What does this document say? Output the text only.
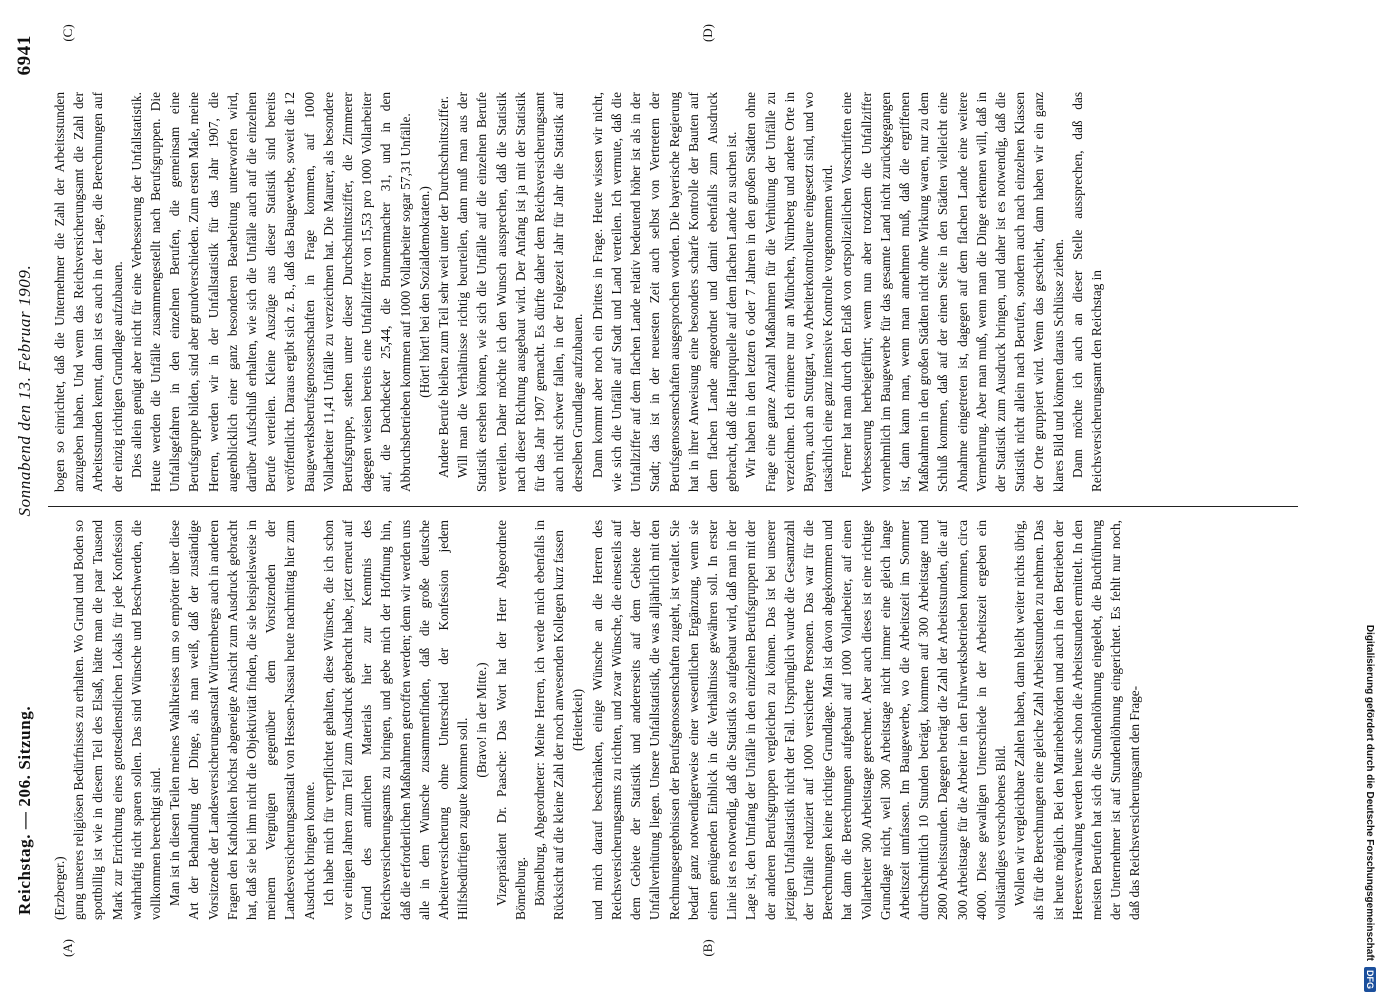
Reichstag. — 206. Sitzung.
Sonnabend den 13. Februar 1909.
6941
(A)	(B)
(C)	(D)

(Erzberger.) gung unseres religiösen Bedürfnisses zu erhalten. Wo Grund und Boden so spottbillig ist wie in diesem Teil des Elsaß, hätte man die paar Tausend Mark zur Errichtung eines gottesdienstlichen Lokals für jede Konfession wahrhaftig nicht sparen sollen. Das sind Wünsche und Beschwerden, die vollkommen berechtigt sind. Man ist in diesen Teilen meines Wahlkreises um so empörter über diese Art der Behandlung der Dinge, als man weiß, daß der zuständige Vorsitzende der Landesversicherungsanstalt Württembergs auch in anderen Fragen den Katholiken höchst abgeneigte Ansicht zum Ausdruck gebracht hat, daß sie bei ihm nicht die Objektivität finden, die sie beispielsweise in meinem Vergnügen gegenüber dem Vorsitzenden der Landesversicherungsanstalt von Hessen-Nassau heute nachmittag hier zum Ausdruck bringen konnte. Ich habe mich für verpflichtet gehalten, diese Wünsche, die ich schon vor einigen Jahren zum Teil zum Ausdruck gebracht habe, jetzt erneut auf Grund des amtlichen Materials hier zur Kenntnis des Reichsversicherungsamts zu bringen, und gebe mich der Hoffnung hin, daß die erforderlichen Maßnahmen getroffen werden; denn wir werden uns alle in dem Wunsche zusammenfinden, daß die große deutsche Arbeiterversicherung ohne Unterschied der Konfession jedem Hilfsbedürftigen zugute kommen soll. (Bravo! in der Mitte.) Vizepräsident Dr. Paasche: Das Wort hat der Herr Abgeordnete Bömelburg. Bömelburg, Abgeordneter: Meine Herren, ich werde mich ebenfalls in Rücksicht auf die kleine Zahl der noch anwesenden Kollegen kurz fassen (Heiterkeit) und mich darauf beschränken, einige Wünsche an die Herren des Reichsversicherungsamts zu richten, und zwar Wünsche, die einesteils auf dem Gebiete der Statistik und andererseits auf dem Gebiete der Unfallverhütung liegen. Unsere Unfallstatistik, die was alljährlich mit den Rechnungsergebnissen der Berufsgenossenschaften zugeht, ist veraltet. Sie bedarf ganz notwendigerweise einer wesentlichen Ergänzung, wenn sie einen genügenden Einblick in die Verhältnisse gewähren soll. In erster Linie ist es notwendig, daß die Statistik so aufgebaut wird, daß man in der Lage ist, den Umfang der Unfälle in den einzelnen Berufsgruppen mit der der anderen Berufsgruppen vergleichen zu können. Das ist bei unserer jetzigen Unfallstatistik nicht der Fall. Ursprünglich wurde die Gesamtzahl der Unfälle reduziert auf 1000 versicherte Personen. Das war für die Berechnungen keine richtige Grundlage. Man ist davon abgekommen und hat dann die Berechnungen aufgebaut auf 1000 Vollarbeiter, auf einen Vollarbeiter 300 Arbeitstage gerechnet. Aber auch dieses ist eine richtige Grundlage nicht, weil 300 Arbeitstage nicht immer eine gleich lange Arbeitszeit umfassen. Im Baugewerbe, wo die Arbeitszeit im Sommer durchschnittlich 10 Stunden beträgt, kommen auf 300 Arbeitstage rund 2800 Arbeitsstunden. Dagegen beträgt die Zahl der Arbeitsstunden, die auf 300 Arbeitstage für die Arbeiter in den Fuhrwerksbetrieben kommen, circa 4000. Diese gewaltigen Unterschiede in der Arbeitszeit ergeben ein vollständiges verschobenes Bild. Wollen wir vergleichbare Zahlen haben, dann bleibt weiter nichts übrig, als für die Berechnungen eine gleiche Zahl Arbeitsstunden zu nehmen. Das ist heute möglich. Bei den Marinebehörden und auch in den Betrieben der Heeresverwaltung werden heute schon die Arbeitsstunden ermittelt. In den meisten Berufen hat sich die Stundenlöhnung eingelebt, die Buchführung der Unternehmer ist auf Stundenlöhnung eingerichtet. Es fehlt nur noch, daß das Reichsversicherungsamt den Frage-

bogen so einrichtet, daß die Unternehmer die Zahl der Arbeitsstunden anzugeben haben. Und wenn das Reichsversicherungsamt die Zahl der Arbeitsstunden kennt, dann ist es auch in der Lage, die Berechnungen auf der einzig richtigen Grundlage aufzubauen. Dies allein genügt aber nicht für eine Verbesserung der Unfallstatistik. Heute werden die Unfälle zusammengestellt nach Berufsgruppen. Die Unfallsgefahren in den einzelnen Berufen, die gemeinsam eine Berufsgruppe bilden, sind aber grundverschieden. Zum ersten Male, meine Herren, werden wir in der Unfallstatistik für das Jahr 1907, die augenblicklich einer ganz besonderen Bearbeitung unterworfen wird, darüber Aufschluß erhalten, wie sich die Unfälle auch auf die einzelnen Berufe verteilen. Kleine Auszüge aus dieser Statistik sind bereits veröffentlicht. Daraus ergibt sich z. B., daß das Baugewerbe, soweit die 12 Baugewerksberufsgenossenschaften in Frage kommen, auf 1000 Vollarbeiter 11,41 Unfälle zu verzeichnen hat. Die Maurer, als besondere Berufsgruppe, stehen unter dieser Durchschnittsziffer, die Zimmerer dagegen weisen bereits eine Unfallziffer von 15,53 pro 1000 Vollarbeiter auf, die Dachdecker 25,44, die Brunnenmacher 31, und in den Abbruchsbetrieben kommen auf 1000 Vollarbeiter sogar 57,31 Unfälle. (Hört! hört! bei den Sozialdemokraten.) Andere Berufe bleiben zum Teil sehr weit unter der Durchschnittsziffer. Will man die Verhältnisse richtig beurteilen, dann muß man aus der Statistik ersehen können, wie sich die Unfälle auf die einzelnen Berufe verteilen. Daher möchte ich den Wunsch aussprechen, daß die Statistik nach dieser Richtung ausgebaut wird. Der Anfang ist ja mit der Statistik für das Jahr 1907 gemacht. Es dürfte daher dem Reichsversicherungsamt auch nicht schwer fallen, in der Folgezeit Jahr für Jahr die Statistik auf derselben Grundlage aufzubauen. Dann kommt aber noch ein Drittes in Frage. Heute wissen wir nicht, wie sich die Unfälle auf Stadt und Land verteilen. Ich vermute, daß die Unfallziffer auf dem flachen Lande relativ bedeutend höher ist als in der Stadt; das ist in der neuesten Zeit auch selbst von Vertretern der Berufsgenossenschaften ausgesprochen worden. Die bayerische Regierung hat in ihrer Anweisung eine besonders scharfe Kontrolle der Bauten auf dem flachen Lande angeordnet und damit ebenfalls zum Ausdruck gebracht, daß die Hauptquelle auf dem flachen Lande zu suchen ist. Wir haben in den letzten 6 oder 7 Jahren in den großen Städten ohne Frage eine ganze Anzahl Maßnahmen für die Verhütung der Unfälle zu verzeichnen. Ich erinnere nur an München, Nürnberg und andere Orte in Bayern, auch an Stuttgart, wo Arbeiterkontrolleure eingesetzt sind, und wo tatsächlich eine ganz intensive Kontrolle vorgenommen wird. Ferner hat man durch den Erlaß von ortspolizeilichen Vorschriften eine Verbesserung herbeigeführt; wenn nun aber trotzdem die Unfallziffer vornehmlich im Baugewerbe für das gesamte Land nicht zurückgegangen ist, dann kann man, wenn man annehmen muß, daß die ergriffenen Maßnahmen in den großen Städten nicht ohne Wirkung waren, nur zu dem Schluß kommen, daß auf der einen Seite in den Städten vielleicht eine Abnahme eingetreten ist, dagegen auf dem flachen Lande eine weitere Vermehrung. Aber man muß, wenn man die Dinge erkennen will, daß in der Statistik zum Ausdruck bringen, und daher ist es notwendig, daß die Statistik nicht allein nach Berufen, sondern auch nach einzelnen Klassen der Orte gruppiert wird. Wenn das geschieht, dann haben wir ein ganz klares Bild und können daraus Schlüsse ziehen. Dann möchte ich auch an dieser Stelle aussprechen, daß das Reichsversicherungsamt den Reichstag in

Digitalisierung gefördert durch die Deutsche Forschungsgemeinschaft
DFG
